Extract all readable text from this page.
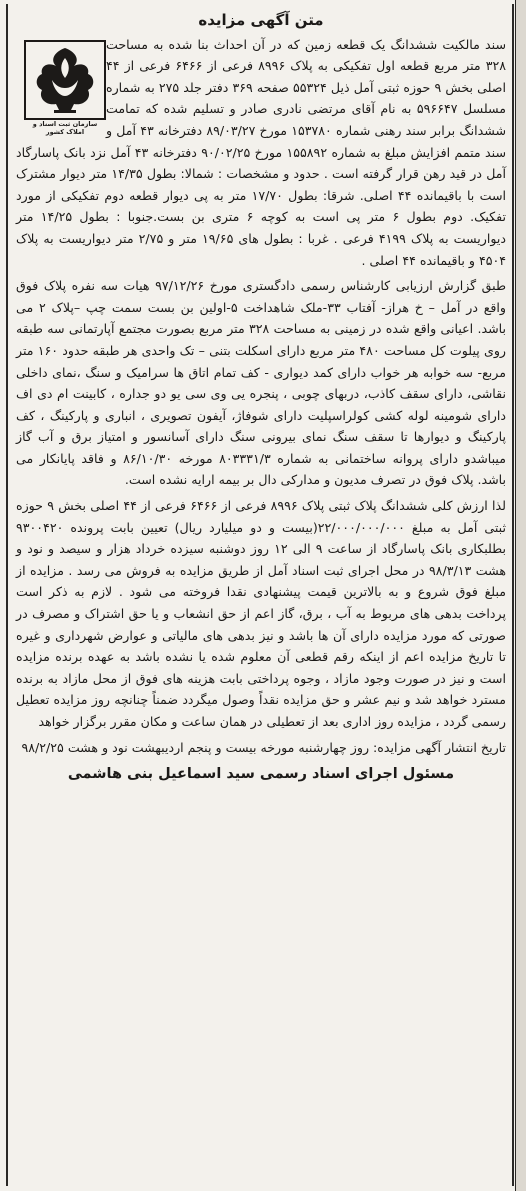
متن آگهی مزایده
سازمان ثبت اسناد و املاک کشور

سند مالکیت ششدانگ یک قطعه زمین که در آن احداث بنا شده به مساحت ۳۲۸ متر مربع قطعه اول تفکیکی به پلاک ۸۹۹۶ فرعی از ۶۴۶۶ فرعی از ۴۴ اصلی بخش ۹ حوزه ثبتی آمل ذیل ۵۵۳۲۴ صفحه ۳۶۹ دفتر جلد ۲۷۵ به شماره مسلسل ۵۹۶۶۴۷ به نام آقای مرتضی نادری صادر و تسلیم شده که تمامت ششدانگ برابر سند رهنی شماره ۱۵۳۷۸۰ مورخ ۸۹/۰۳/۲۷ دفترخانه ۴۳ آمل و سند متمم افزایش مبلغ به شماره ۱۵۵۸۹۲ مورخ ۹۰/۰۲/۲۵ دفترخانه ۴۳ آمل نزد بانک پاسارگاد آمل در قید رهن قرار گرفته است . حدود و مشخصات : شمالا: بطول ۱۴/۳۵ متر دیوار مشترک است با باقیمانده ۴۴ اصلی. شرقا: بطول ۱۷/۷۰ متر به پی دیوار قطعه دوم تفکیکی از مورد تفکیک. دوم بطول ۶ متر پی است به کوچه ۶ متری بن بست.جنوبا : بطول ۱۴/۲۵ متر دیواریست به پلاک ۴۱۹۹ فرعی . غربا : بطول های ۱۹/۶۵ متر و ۲/۷۵ متر دیواریست به پلاک ۴۵۰۴ و باقیمانده ۴۴ اصلی .

طبق گزارش ارزیابی کارشناس رسمی دادگستری مورخ ۹۷/۱۲/۲۶ هیات سه نفره پلاک فوق واقع در آمل – خ هراز- آفتاب ۳۳-ملک شاهداخت ۵-اولین بن بست سمت چپ –پلاک ۲ می باشد. اعیانی واقع شده در زمینی به مساحت ۳۲۸ متر مربع بصورت مجتمع آپارتمانی سه طبقه روی پیلوت کل مساحت ۴۸۰ متر مربع دارای اسکلت بتنی – تک واحدی هر طبقه حدود ۱۶۰ متر مربع- سه خوابه هر خواب دارای کمد دیواری - کف تمام اتاق ها سرامیک و سنگ ،نمای داخلی نقاشی، دارای سقف کاذب، دربهای چوبی ، پنجره یی وی سی یو دو جداره ، کابینت ام دی اف دارای شومینه لوله کشی کولراسپلیت دارای شوفاژ، آیفون تصویری ، انباری و پارکینگ ، کف پارکینگ و دیوارها تا سقف سنگ نمای بیرونی سنگ دارای آسانسور و امتیاز برق و آب گاز میباشدو دارای پروانه ساختمانی به شماره ۸۰۳۳۳۱/۳ مورخه ۸۶/۱۰/۳۰ و فاقد پایانکار می باشد. پلاک فوق در تصرف مدیون و مدارکی دال بر بیمه ارایه نشده است.

لذا ارزش کلی ششدانگ پلاک ثبتی پلاک ۸۹۹۶ فرعی از ۶۴۶۶ فرعی از ۴۴ اصلی بخش ۹ حوزه ثبتی آمل به مبلغ ۲۲/۰۰۰/۰۰۰/۰۰۰(بیست و دو میلیارد ریال) تعیین بابت پرونده ۹۳۰۰۴۲۰ بطلبکاری بانک پاسارگاد از ساعت ۹ الی ۱۲ روز دوشنبه سیزده خرداد هزار و سیصد و نود و هشت ۹۸/۳/۱۳ در محل اجرای ثبت اسناد آمل از طریق مزایده به فروش می رسد . مزایده از مبلغ فوق شروع و به بالاترین قیمت پیشنهادی نقدا فروخته می شود . لازم به ذکر است پرداخت بدهی های مربوط به آب ، برق، گاز اعم از حق انشعاب و یا حق اشتراک و مصرف در صورتی که مورد مزایده دارای آن ها باشد و نیز بدهی های مالیاتی و عوارض شهرداری و غیره تا تاریخ مزایده اعم از اینکه رقم قطعی آن معلوم شده یا نشده باشد به عهده برنده مزایده است و نیز در صورت وجود مازاد ، وجوه پرداختی بابت هزینه های فوق از محل مازاد به برنده مسترد خواهد شد و نیم عشر و حق مزایده نقداً وصول میگردد ضمناً چنانچه روز مزایده تعطیل رسمی گردد ، مزایده روز اداری بعد از تعطیلی در همان ساعت و مکان مقرر برگزار خواهد

تاریخ انتشار آگهی مزایده: روز چهارشنبه مورخه بیست و پنجم اردیبهشت نود و هشت ۹۸/۲/۲۵

مسئول اجرای اسناد رسمی سید اسماعیل بنی هاشمی
